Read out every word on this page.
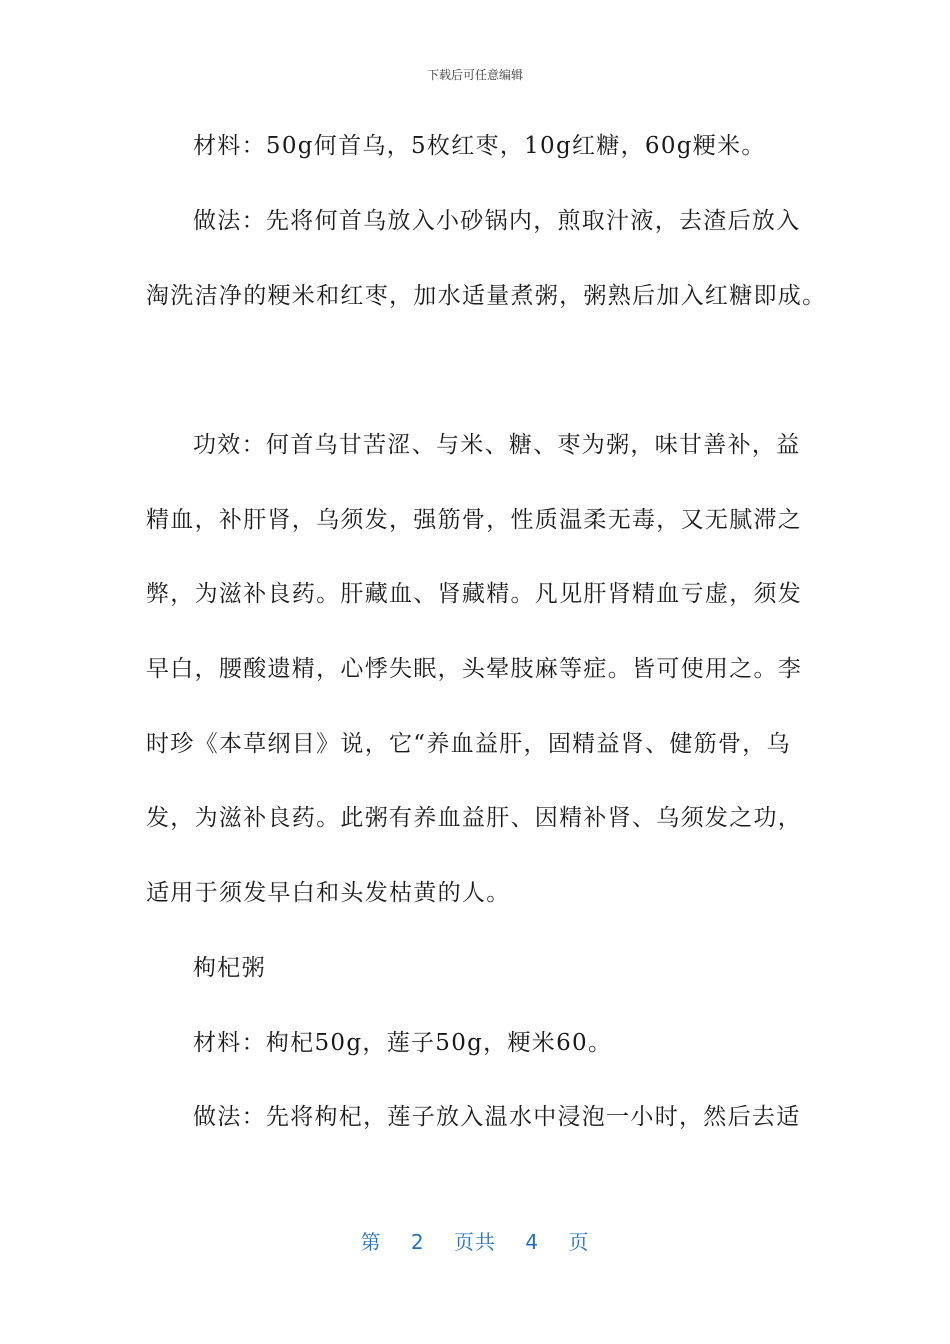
下载后可任意编辑
材料：50g何首乌，5枚红枣，10g红糖，60g粳米。
做法：先将何首乌放入小砂锅内，煎取汁液，去渣后放入
淘洗洁净的粳米和红枣，加水适量煮粥，粥熟后加入红糖即成。
功效：何首乌甘苦涩、与米、糖、枣为粥，味甘善补，益
精血，补肝肾，乌须发，强筋骨，性质温柔无毒，又无腻滞之
弊，为滋补良药。肝藏血、肾藏精。凡见肝肾精血亏虚，须发
早白，腰酸遗精，心悸失眠，头晕肢麻等症。皆可使用之。李
时珍《本草纲目》说，它“养血益肝，固精益肾、健筋骨，乌
发，为滋补良药。此粥有养血益肝、因精补肾、乌须发之功，
适用于须发早白和头发枯黄的人。
枸杞粥
材料：枸杞50g，莲子50g，粳米60。
做法：先将枸杞，莲子放入温水中浸泡一小时，然后去适
第 2 页共 4 页
